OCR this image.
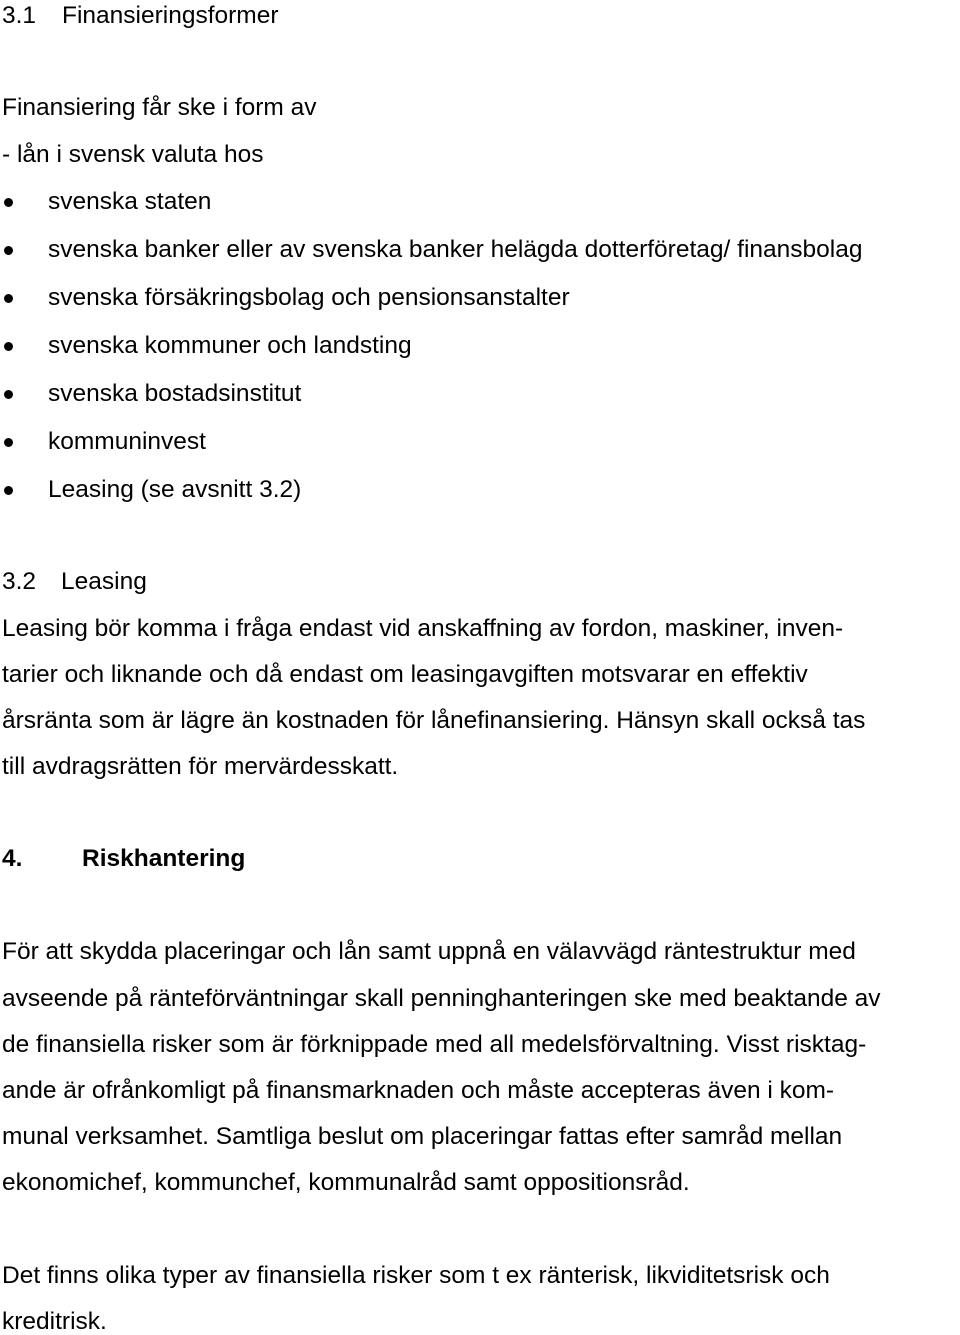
3.1 Finansieringsformer
Finansiering får ske i form av
- lån i svensk valuta hos
svenska staten
svenska banker eller av svenska banker helägda dotterföretag/ finansbolag
svenska försäkringsbolag och pensionsanstalter
svenska kommuner och landsting
svenska bostadsinstitut
kommuninvest
Leasing (se avsnitt 3.2)
3.2 Leasing
Leasing bör komma i fråga endast vid anskaffning av fordon, maskiner, inven-
tarier och liknande och då endast om leasingavgiften motsvarar en effektiv
årsränta som är lägre än kostnaden för lånefinansiering. Hänsyn skall också tas
till avdragsrätten för mervärdesskatt.
4. Riskhantering
För att skydda placeringar och lån samt uppnå en välavvägd räntestruktur med
avseende på ränteförväntningar skall penninghanteringen ske med beaktande av
de finansiella risker som är förknippade med all medelsförvaltning. Visst risktag-
ande är ofrånkomligt på finansmarknaden och måste accepteras även i kom-
munal verksamhet. Samtliga beslut om placeringar fattas efter samråd mellan
ekonomichef, kommunchef, kommunalråd samt oppositionsråd.
Det finns olika typer av finansiella risker som t ex ränterisk, likviditetsrisk och
kreditrisk.
